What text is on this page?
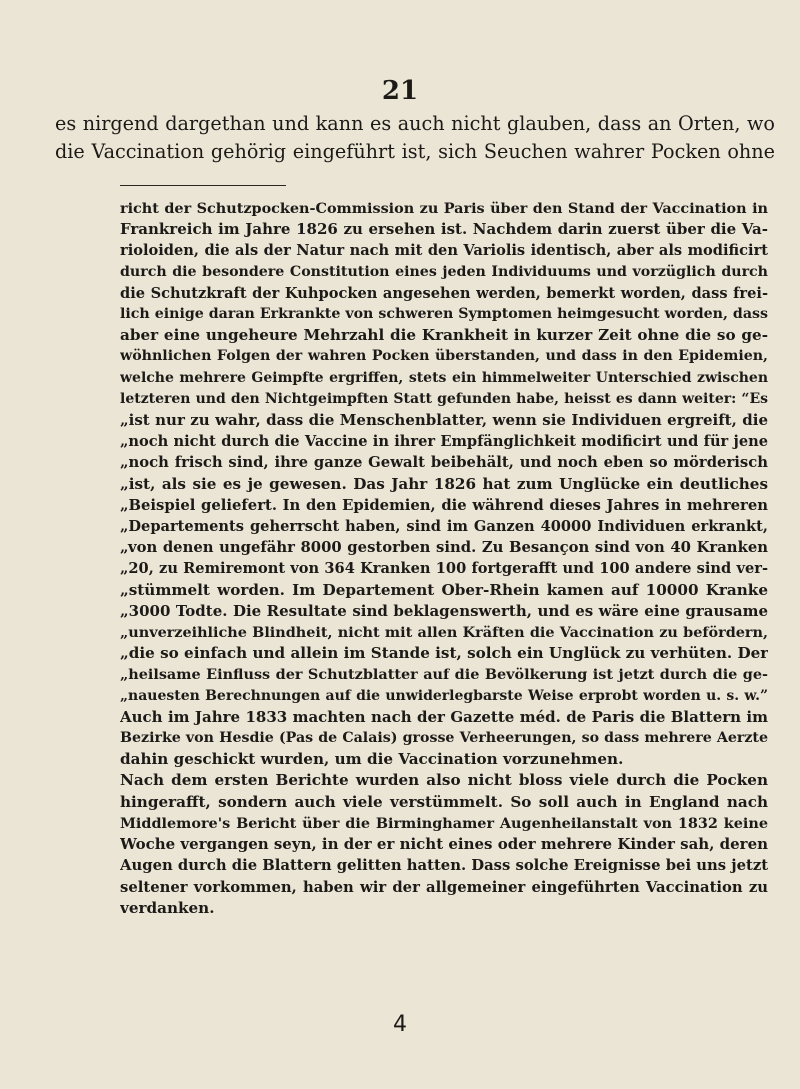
21
es nirgend dargethan und kann es auch nicht glauben, dass an Orten, wo
die Vaccination gehörig eingeführt ist, sich Seuchen wahrer Pocken ohne
richt der Schutzpocken-Commission zu Paris über den Stand der Vaccination in
Frankreich im Jahre 1826 zu ersehen ist. Nachdem darin zuerst über die Va-
rioloiden, die als der Natur nach mit den Variolis identisch, aber als modificirt
durch die besondere Constitution eines jeden Individuums und vorzüglich durch
die Schutzkraft der Kuhpocken angesehen werden, bemerkt worden, dass frei-
lich einige daran Erkrankte von schweren Symptomen heimgesucht worden, dass
aber eine ungeheure Mehrzahl die Krankheit in kurzer Zeit ohne die so ge-
wöhnlichen Folgen der wahren Pocken überstanden, und dass in den Epidemien,
welche mehrere Geimpfte ergriffen, stets ein himmelweiter Unterschied zwischen
letzteren und den Nichtgeimpften Statt gefunden habe, heisst es dann weiter: “Es
„ist nur zu wahr, dass die Menschenblatter, wenn sie Individuen ergreift, die
„noch nicht durch die Vaccine in ihrer Empfänglichkeit modificirt und für jene
„noch frisch sind, ihre ganze Gewalt beibehält, und noch eben so mörderisch
„ist, als sie es je gewesen. Das Jahr 1826 hat zum Unglücke ein deutliches
„Beispiel geliefert. In den Epidemien, die während dieses Jahres in mehreren
„Departements geherrscht haben, sind im Ganzen 40000 Individuen erkrankt,
„von denen ungefähr 8000 gestorben sind. Zu Besançon sind von 40 Kranken
„20, zu Remiremont von 364 Kranken 100 fortgerafft und 100 andere sind ver-
„stümmelt worden. Im Departement Ober-Rhein kamen auf 10000 Kranke
„3000 Todte. Die Resultate sind beklagenswerth, und es wäre eine grausame
„unverzeihliche Blindheit, nicht mit allen Kräften die Vaccination zu befördern,
„die so einfach und allein im Stande ist, solch ein Unglück zu verhüten. Der
„heilsame Einfluss der Schutzblatter auf die Bevölkerung ist jetzt durch die ge-
„nauesten Berechnungen auf die unwiderlegbarste Weise erprobt worden u. s. w.”
Auch im Jahre 1833 machten nach der Gazette méd. de Paris die Blattern im
Bezirke von Hesdie (Pas de Calais) grosse Verheerungen, so dass mehrere Aerzte
dahin geschickt wurden, um die Vaccination vorzunehmen.
Nach dem ersten Berichte wurden also nicht bloss viele durch die Pocken
hingerafft, sondern auch viele verstümmelt. So soll auch in England nach
Middlemore's Bericht über die Birminghamer Augenheilanstalt von 1832 keine
Woche vergangen seyn, in der er nicht eines oder mehrere Kinder sah, deren
Augen durch die Blattern gelitten hatten. Dass solche Ereignisse bei uns jetzt
seltener vorkommen, haben wir der allgemeiner eingeführten Vaccination zu
verdanken.
4
